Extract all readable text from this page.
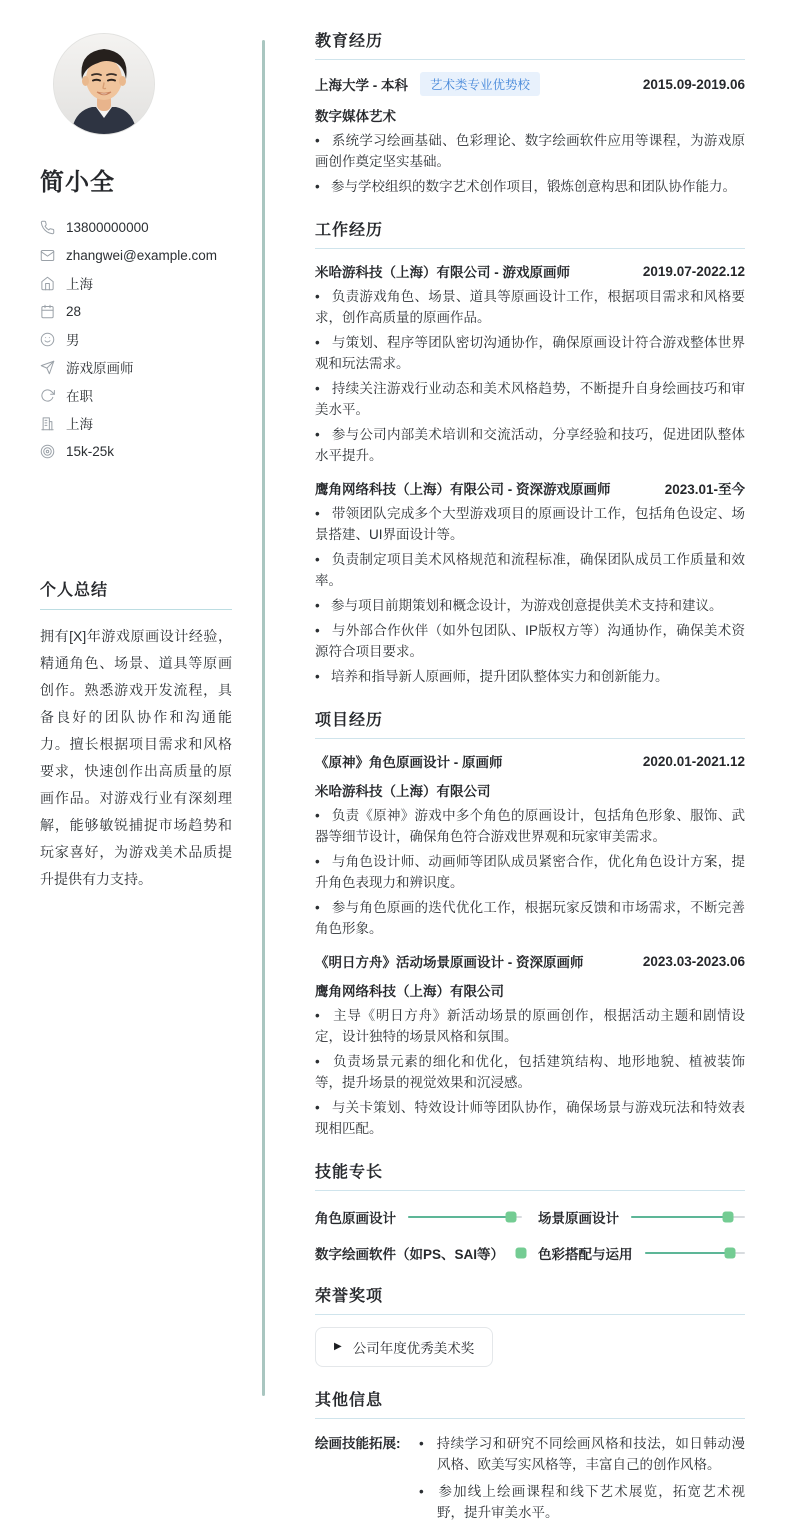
简小全
13800000000
zhangwei@example.com
上海
28
男
游戏原画师
在职
上海
15k-25k
个人总结

拥有[X]年游戏原画设计经验，精通角色、场景、道具等原画创作。熟悉游戏开发流程，具备良好的团队协作和沟通能力。擅长根据项目需求和风格要求，快速创作出高质量的原画作品。对游戏行业有深刻理解，能够敏锐捕捉市场趋势和玩家喜好，为游戏美术品质提升提供有力支持。

教育经历
上海大学 - 本科	艺术类专业优势校	2015.09-2019.06
数字媒体艺术
•   系统学习绘画基础、色彩理论、数字绘画软件应用等课程，为游戏原画创作奠定坚实基础。
•   参与学校组织的数字艺术创作项目，锻炼创意构思和团队协作能力。
工作经历
米哈游科技（上海）有限公司 - 游戏原画师	2019.07-2022.12
•   负责游戏角色、场景、道具等原画设计工作，根据项目需求和风格要求，创作高质量的原画作品。
•   与策划、程序等团队密切沟通协作，确保原画设计符合游戏整体世界观和玩法需求。
•   持续关注游戏行业动态和美术风格趋势，不断提升自身绘画技巧和审美水平。
•   参与公司内部美术培训和交流活动，分享经验和技巧，促进团队整体水平提升。
鹰角网络科技（上海）有限公司 - 资深游戏原画师	2023.01-至今
•   带领团队完成多个大型游戏项目的原画设计工作，包括角色设定、场景搭建、UI界面设计等。
•   负责制定项目美术风格规范和流程标准，确保团队成员工作质量和效率。
•   参与项目前期策划和概念设计，为游戏创意提供美术支持和建议。
•   与外部合作伙伴（如外包团队、IP版权方等）沟通协作，确保美术资源符合项目要求。
•   培养和指导新人原画师，提升团队整体实力和创新能力。
项目经历
《原神》角色原画设计 - 原画师	2020.01-2021.12
米哈游科技（上海）有限公司
•   负责《原神》游戏中多个角色的原画设计，包括角色形象、服饰、武器等细节设计，确保角色符合游戏世界观和玩家审美需求。
•   与角色设计师、动画师等团队成员紧密合作，优化角色设计方案，提升角色表现力和辨识度。
•   参与角色原画的迭代优化工作，根据玩家反馈和市场需求，不断完善角色形象。
《明日方舟》活动场景原画设计 - 资深原画师	2023.03-2023.06
鹰角网络科技（上海）有限公司
•   主导《明日方舟》新活动场景的原画创作，根据活动主题和剧情设定，设计独特的场景风格和氛围。
•   负责场景元素的细化和优化，包括建筑结构、地形地貌、植被装饰等，提升场景的视觉效果和沉浸感。
•   与关卡策划、特效设计师等团队协作，确保场景与游戏玩法和特效表现相匹配。
技能专长
角色原画设计	场景原画设计
数字绘画软件（如PS、SAI等）	色彩搭配与运用
荣誉奖项
▶ 公司年度优秀美术奖
其他信息
绘画技能拓展:	•   持续学习和研究不同绘画风格和技法，如日韩动漫风格、欧美写实风格等，丰富自己的创作风格。
•   参加线上绘画课程和线下艺术展览，拓宽艺术视野，提升审美水平。
